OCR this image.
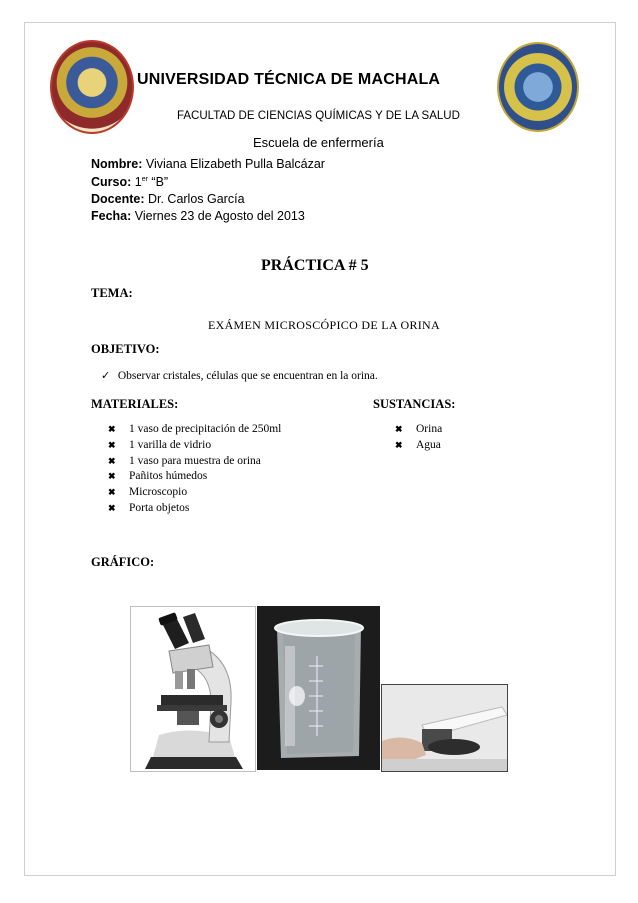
UNIVERSIDAD TÉCNICA DE MACHALA
FACULTAD DE CIENCIAS QUÍMICAS Y DE LA SALUD
Escuela de enfermería
Nombre: Viviana Elizabeth Pulla Balcázar
Curso: 1er “B”
Docente: Dr. Carlos García
Fecha: Viernes 23 de Agosto del 2013
PRÁCTICA # 5
TEMA:
EXÁMEN MICROSCÓPICO DE LA ORINA
OBJETIVO:
✓ Observar cristales, células que se encuentran en la orina.
MATERIALES:	SUSTANCIAS:
✖ 1 vaso de precipitación de 250ml
✖ 1 varilla de vidrio
✖ 1 vaso para muestra de orina
✖ Pañitos húmedos
✖ Microscopio
✖ Porta objetos
✖ Orina
✖ Agua
GRÁFICO:
